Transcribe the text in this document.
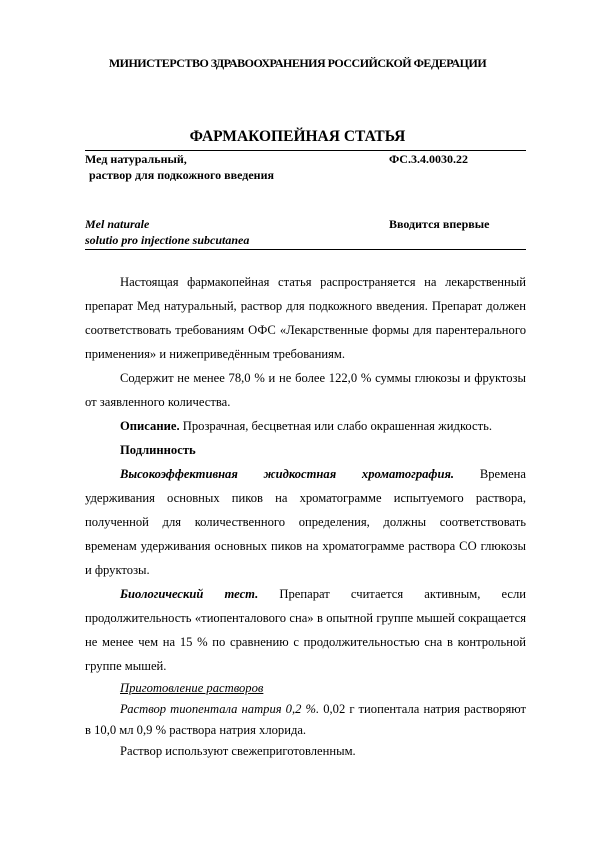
МИНИСТЕРСТВО ЗДРАВООХРАНЕНИЯ РОССИЙСКОЙ ФЕДЕРАЦИИ
ФАРМАКОПЕЙНАЯ СТАТЬЯ
Мед натуральный,
раствор для подкожного введения
ФС.3.4.0030.22
Mel naturale
solutio pro injectione subcutanea
Вводится впервые

Настоящая фармакопейная статья распространяется на лекарственный препарат Мед натуральный, раствор для подкожного введения. Препарат должен соответствовать требованиям ОФС «Лекарственные формы для парентерального применения» и нижеприведённым требованиям.

Содержит не менее 78,0 % и не более 122,0 % суммы глюкозы и фруктозы от заявленного количества.

Описание. Прозрачная, бесцветная или слабо окрашенная жидкость.

Подлинность

Высокоэффективная жидкостная хроматография. Времена удерживания основных пиков на хроматограмме испытуемого раствора, полученной для количественного определения, должны соответствовать временам удерживания основных пиков на хроматограмме раствора СО глюкозы и фруктозы.

Биологический тест. Препарат считается активным, если продолжительность «тиопенталового сна» в опытной группе мышей сокращается не менее чем на 15 % по сравнению с продолжительностью сна в контрольной группе мышей.

Приготовление растворов

Раствор тиопентала натрия 0,2 %. 0,02 г тиопентала натрия растворяют в 10,0 мл 0,9 % раствора натрия хлорида.

Раствор используют свежеприготовленным.
